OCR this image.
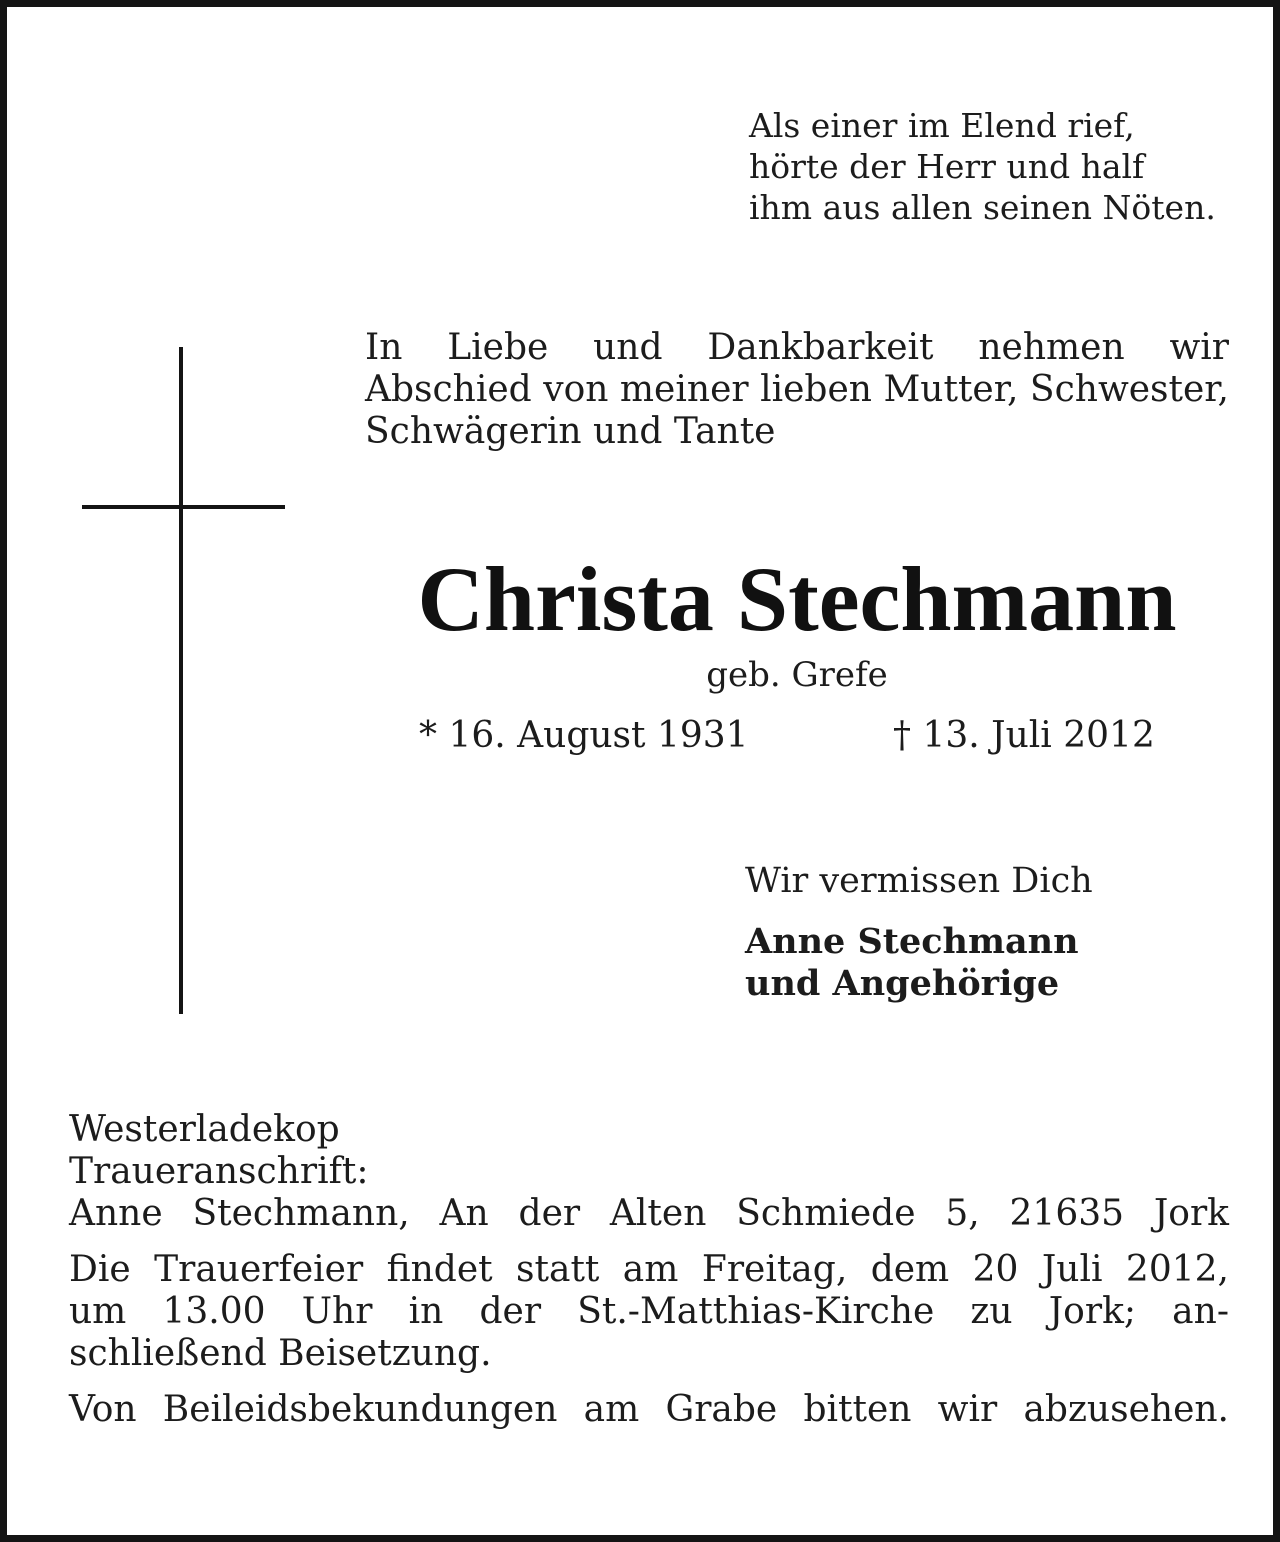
Als einer im Elend rief,
hörte der Herr und half
ihm aus allen seinen Nöten.
In Liebe und Dankbarkeit nehmen wir Abschied von meiner lieben Mutter, Schwester, Schwägerin und Tante
Christa Stechmann
geb. Grefe
* 16. August 1931	† 13. Juli 2012
Wir vermissen Dich
Anne Stechmann
und Angehörige

Westerladekop

Traueranschrift:

Anne Stechmann, An der Alten Schmiede 5, 21635 Jork

Die Trauerfeier findet statt am Freitag, dem 20 Juli 2012,

um 13.00 Uhr in der St.-Matthias-Kirche zu Jork; an-

schließend Beisetzung.

Von Beileidsbekundungen am Grabe bitten wir abzusehen.
